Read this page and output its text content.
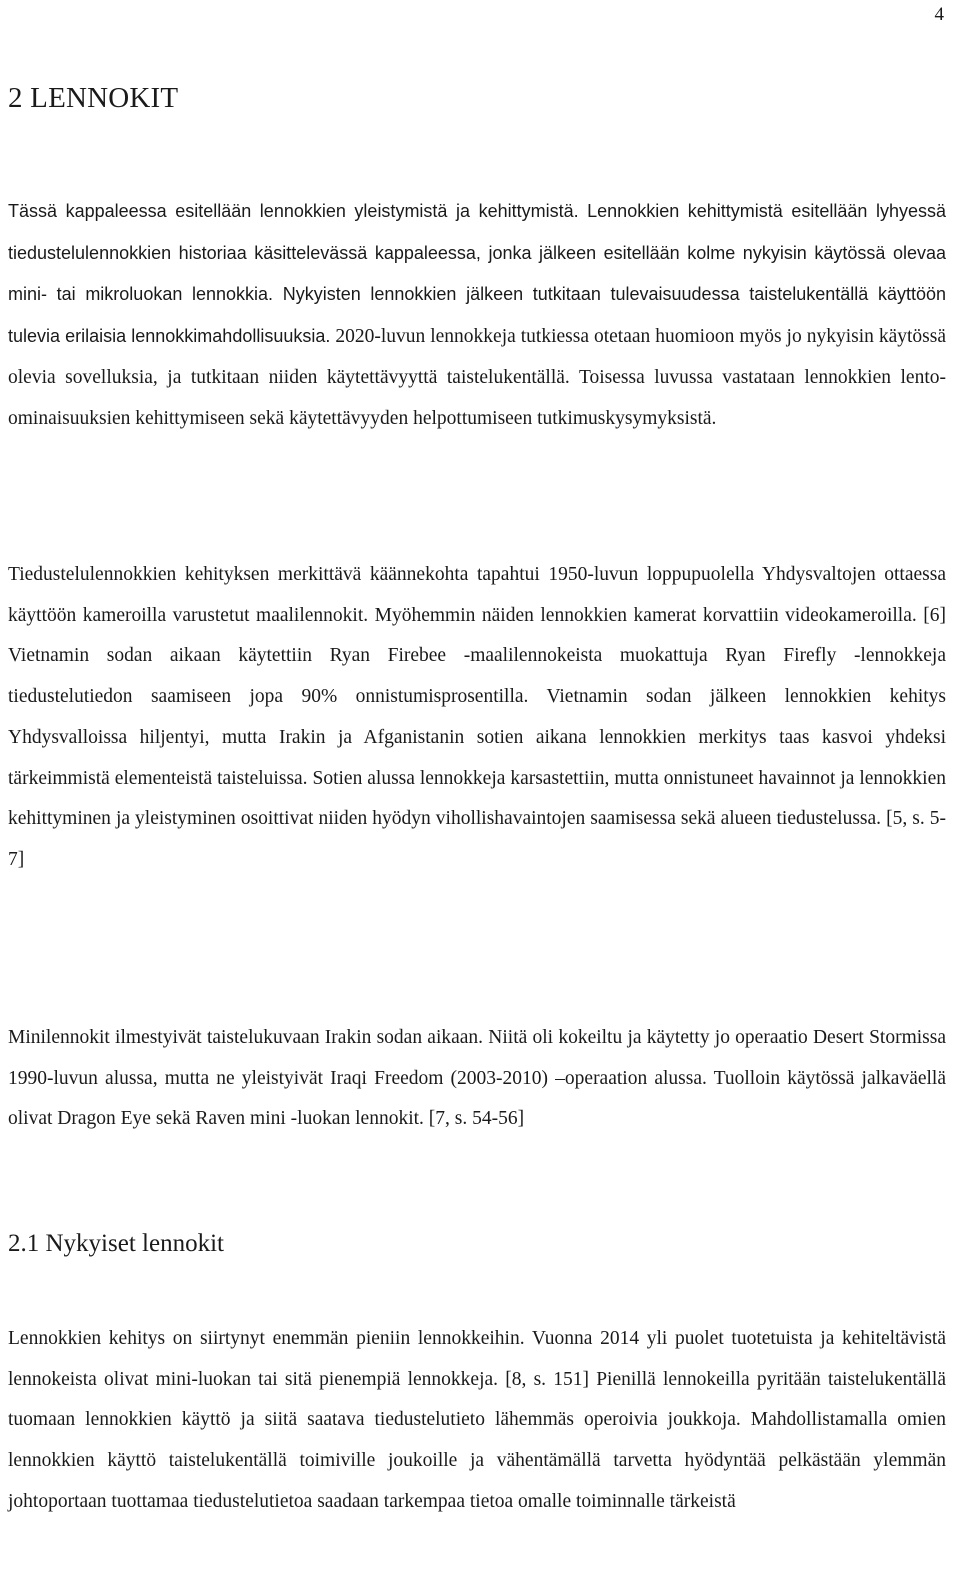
4
2 LENNOKIT

Tässä kappaleessa esitellään lennokkien yleistymistä ja kehittymistä. Lennokkien kehittymistä esitellään lyhyessä tiedustelulennokkien historiaa käsittelevässä kappaleessa, jonka jälkeen esitellään kolme nykyisin käytössä olevaa mini- tai mikroluokan lennokkia. Nykyisten lennokkien jälkeen tutkitaan tulevaisuudessa taistelukentällä käyttöön tulevia erilaisia lennokkimahdollisuuksia. 2020-luvun lennokkeja tutkiessa otetaan huomioon myös jo nykyisin käytössä olevia sovelluksia, ja tutkitaan niiden käytettävyyttä taistelukentällä. Toisessa luvussa vastataan lennokkien lento-ominaisuuksien kehittymiseen sekä käytettävyyden helpottumiseen tutkimuskysymyksistä.

Tiedustelulennokkien kehityksen merkittävä käännekohta tapahtui 1950-luvun loppupuolella Yhdysvaltojen ottaessa käyttöön kameroilla varustetut maalilennokit. Myöhemmin näiden lennokkien kamerat korvattiin videokameroilla. [6] Vietnamin sodan aikaan käytettiin Ryan Firebee -maalilennokeista muokattuja Ryan Firefly -lennokkeja tiedustelutiedon saamiseen jopa 90% onnistumisprosentilla. Vietnamin sodan jälkeen lennokkien kehitys Yhdysvalloissa hiljentyi, mutta Irakin ja Afganistanin sotien aikana lennokkien merkitys taas kasvoi yhdeksi tärkeimmistä elementeistä taisteluissa. Sotien alussa lennokkeja karsastettiin, mutta onnistuneet havainnot ja lennokkien kehittyminen ja yleistyminen osoittivat niiden hyödyn vihollishavaintojen saamisessa sekä alueen tiedustelussa. [5, s. 5-7]

Minilennokit ilmestyivät taistelukuvaan Irakin sodan aikaan. Niitä oli kokeiltu ja käytetty jo operaatio Desert Stormissa 1990-luvun alussa, mutta ne yleistyivät Iraqi Freedom (2003-2010) –operaation alussa. Tuolloin käytössä jalkaväellä olivat Dragon Eye sekä Raven mini -luokan lennokit. [7, s. 54-56]

2.1 Nykyiset lennokit

Lennokkien kehitys on siirtynyt enemmän pieniin lennokkeihin. Vuonna 2014 yli puolet tuotetuista ja kehiteltävistä lennokeista olivat mini-luokan tai sitä pienempiä lennokkeja. [8, s. 151] Pienillä lennokeilla pyritään taistelukentällä tuomaan lennokkien käyttö ja siitä saatava tiedustelutieto lähemmäs operoivia joukkoja. Mahdollistamalla omien lennokkien käyttö taistelukentällä toimiville joukoille ja vähentämällä tarvetta hyödyntää pelkästään ylemmän johtoportaan tuottamaa tiedustelutietoa saadaan tarkempaa tietoa omalle toiminnalle tärkeistä
